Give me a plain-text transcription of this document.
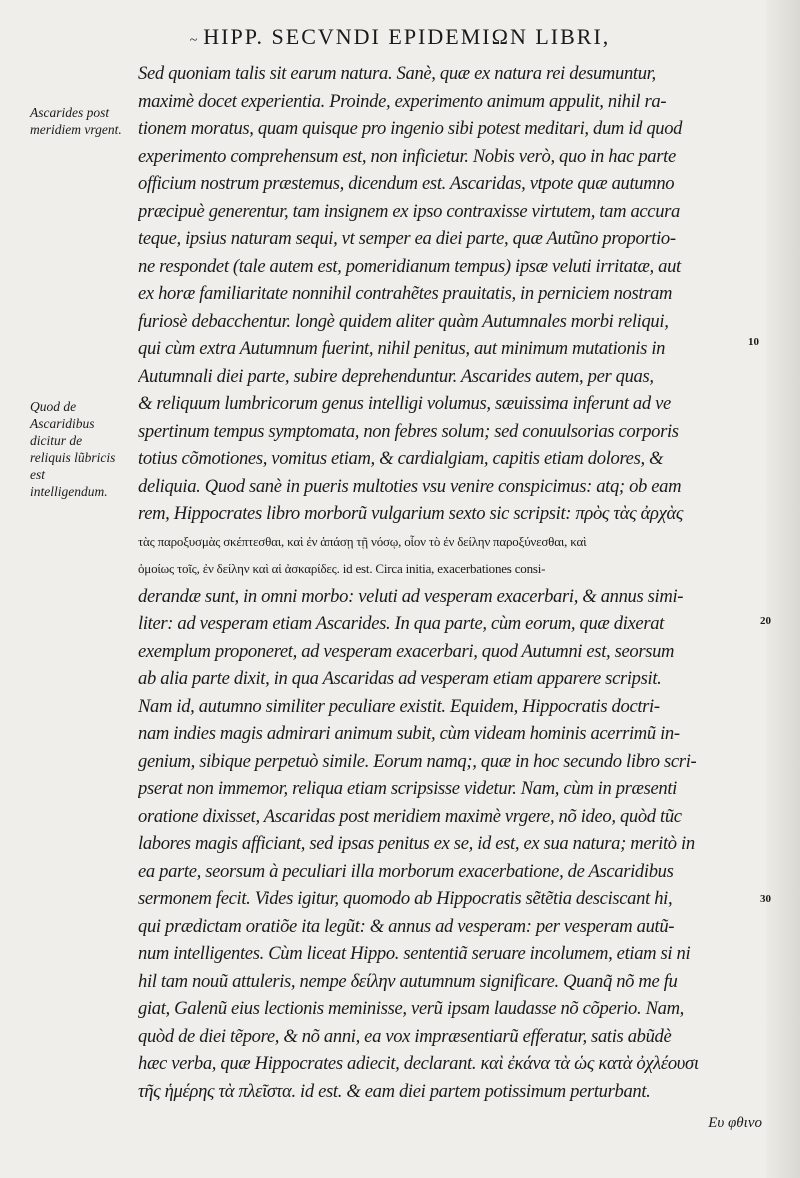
~ HIPP. SECVNDI EPIDEMIΩN LIBRI,
Ascarides post meridiem vrgent.
Quod de Ascaridibus dicitur de reliquis lũbricis est intelligendum.
10
20
30
Sed quoniam talis sit earum natura. Sanè, quæ ex natura rei desumuntur,
maximè docet experientia. Proinde, experimento animum appulit, nihil ra-
tionem moratus, quam quisque pro ingenio sibi potest meditari, dum id quod
experimento comprehensum est, non inficietur. Nobis verò, quo in hac parte
officium nostrum præstemus, dicendum est. Ascaridas, vtpote quæ autumno
præcipuè generentur, tam insignem ex ipso contraxisse virtutem, tam accura
teque, ipsius naturam sequi, vt semper ea diei parte, quæ Autũno proportio-
ne respondet (tale autem est, pomeridianum tempus) ipsæ veluti irritatæ, aut
ex horæ familiaritate nonnihil contrahẽtes prauitatis, in perniciem nostram
furiosè debacchentur. longè quidem aliter quàm Autumnales morbi reliqui,
qui cùm extra Autumnum fuerint, nihil penitus, aut minimum mutationis in
Autumnali diei parte, subire deprehenduntur. Ascarides autem, per quas,
& reliquum lumbricorum genus intelligi volumus, sæuissima inferunt ad ve
spertinum tempus symptomata, non febres solum; sed conuulsorias corporis
totius cõmotiones, vomitus etiam, & cardialgiam, capitis etiam dolores, &
deliquia. Quod sanè in pueris multoties vsu venire conspicimus: atq; ob eam
rem, Hippocrates libro morborũ vulgarium sexto sic scripsit: πρὸς τὰς ἀρχὰς
τὰς παροξυσμὰς σκέπτεσθαι, καὶ ἐν ἁπάσῃ τῇ νόσῳ, οἷον τὸ ἐν δείλην παροξύνεσθαι, καὶ
ὁμοίως τοῖς, ἐν δείλην καὶ αἱ ἀσκαρίδες. id est. Circa initia, exacerbationes consi-
derandæ sunt, in omni morbo: veluti ad vesperam exacerbari, & annus simi-
liter: ad vesperam etiam Ascarides. In qua parte, cùm eorum, quæ dixerat
exemplum proponeret, ad vesperam exacerbari, quod Autumni est, seorsum
ab alia parte dixit, in qua Ascaridas ad vesperam etiam apparere scripsit.
Nam id, autumno similiter peculiare existit. Equidem, Hippocratis doctri-
nam indies magis admirari animum subit, cùm videam hominis acerrimũ in-
genium, sibique perpetuò simile. Eorum namq;, quæ in hoc secundo libro scri-
pserat non immemor, reliqua etiam scripsisse videtur. Nam, cùm in præsenti
oratione dixisset, Ascaridas post meridiem maximè vrgere, nõ ideo, quòd tũc
labores magis afficiant, sed ipsas penitus ex se, id est, ex sua natura; meritò in
ea parte, seorsum à peculiari illa morborum exacerbatione, de Ascaridibus
sermonem fecit. Vides igitur, quomodo ab Hippocratis sẽtẽtia desciscant hi,
qui prædictam oratiõe ita legũt: & annus ad vesperam: per vesperam autũ-
num intelligentes. Cùm liceat Hippo. sententiã seruare incolumem, etiam si ni
hil tam nouũ attuleris, nempe δείλην autumnum significare. Quanq̃ nõ me fu
giat, Galenũ eius lectionis meminisse, verũ ipsam laudasse nõ cõperio. Nam,
quòd de diei tẽpore, & nõ anni, ea vox impræsentiarũ efferatur, satis abũdè
hæc verba, quæ Hippocrates adiecit, declarant. καὶ ἐκάνα τὰ ὡς κατὰ ὀχλέουσι
τῆς ἡμέρης τὰ πλεῖστα. id est. & eam diei partem potissimum perturbant.
Ευ φθινο
